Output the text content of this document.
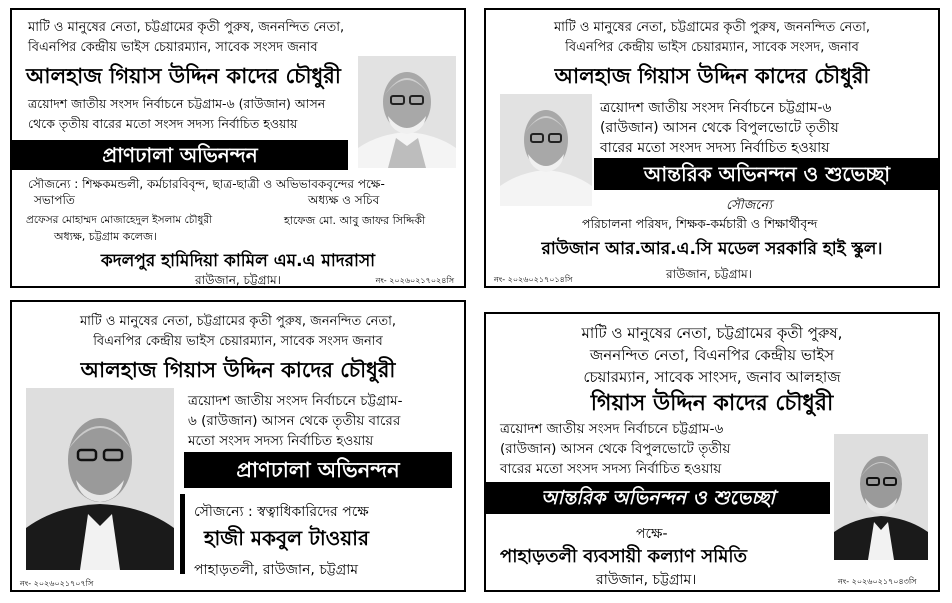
মাটি ও মানুষের নেতা, চট্টগ্রামের কৃতী পুরুষ, জননন্দিত নেতা,
বিএনপির কেন্দ্রীয় ভাইস চেয়ারম্যান, সাবেক সংসদ জনাব
আলহাজ গিয়াস উদ্দিন কাদের চৌধুরী
ত্রয়োদশ জাতীয় সংসদ নির্বাচনে চট্টগ্রাম-৬ (রাউজান) আসন
থেকে তৃতীয় বারের মতো সংসদ সদস্য নির্বাচিত হওয়ায়
প্রাণঢালা অভিনন্দন
সৌজন্যে : শিক্ষকমন্ডলী, কর্মচারবিবৃন্দ, ছাত্র-ছাত্রী ও অভিভাবকবৃন্দের পক্ষে-
সভাপতি	অধ্যক্ষ ও সচিব
প্রফেসর মোহাম্মদ মোজাহেদুল ইসলাম চৌধুরী	হাফেজ মো. আবু জাফর সিদ্দিকী
অধ্যক্ষ, চট্টগ্রাম কলেজ।
কদলপুর হামিদিয়া কামিল এম.এ মাদরাসা
রাউজান, চট্টগ্রাম।	নং- ২০২৬০২১৭০২৪সি
মাটি ও মানুষের নেতা, চট্টগ্রামের কৃতী পুরুষ, জননন্দিত নেতা,
বিএনপির কেন্দ্রীয় ভাইস চেয়ারম্যান, সাবেক সংসদ, জনাব
আলহাজ গিয়াস উদ্দিন কাদের চৌধুরী
ত্রয়োদশ জাতীয় সংসদ নির্বাচনে চট্টগ্রাম-৬
(রাউজান) আসন থেকে বিপুলভোটে তৃতীয়
বারের মতো সংসদ সদস্য নির্বাচিত হওয়ায়
আন্তরিক অভিনন্দন ও শুভেচ্ছা
সৌজন্যে
পরিচালনা পরিষদ, শিক্ষক-কর্মচারী ও শিক্ষার্থীবৃন্দ
রাউজান আর.আর.এ.সি মডেল সরকারি হাই স্কুল।
রাউজান, চট্টগ্রাম।
নং- ২০২৬০২১৭০১৪সি
মাটি ও মানুষের নেতা, চট্টগ্রামের কৃতী পুরুষ, জননন্দিত নেতা,
বিএনপির কেন্দ্রীয় ভাইস চেয়ারম্যান, সাবেক সংসদ জনাব
আলহাজ গিয়াস উদ্দিন কাদের চৌধুরী
ত্রয়োদশ জাতীয় সংসদ নির্বাচনে চট্টগ্রাম-
৬ (রাউজান) আসন থেকে তৃতীয় বারের
মতো সংসদ সদস্য নির্বাচিত হওয়ায়
প্রাণঢালা অভিনন্দন
সৌজন্যে : স্বত্বাধিকারিদের পক্ষে
হাজী মকবুল টাওয়ার
পাহাড়তলী, রাউজান, চট্টগ্রাম
নং- ২০২৬০২১৭০৭সি
মাটি ও মানুষের নেতা, চট্টগ্রামের কৃতী পুরুষ,
জননন্দিত নেতা, বিএনপির কেন্দ্রীয় ভাইস
চেয়ারম্যান, সাবেক সাংসদ, জনাব আলহাজ
গিয়াস উদ্দিন কাদের চৌধুরী
ত্রয়োদশ জাতীয় সংসদ নির্বাচনে চট্টগ্রাম-৬
(রাউজান) আসন থেকে বিপুলভোটে তৃতীয়
বারের মতো সংসদ সদস্য নির্বাচিত হওয়ায়
আন্তরিক অভিনন্দন ও শুভেচ্ছা
পক্ষে-
পাহাড়তলী ব্যবসায়ী কল্যাণ সমিতি
রাউজান, চট্টগ্রাম।	নং- ২০২৬০২১৭০৪৩সি
